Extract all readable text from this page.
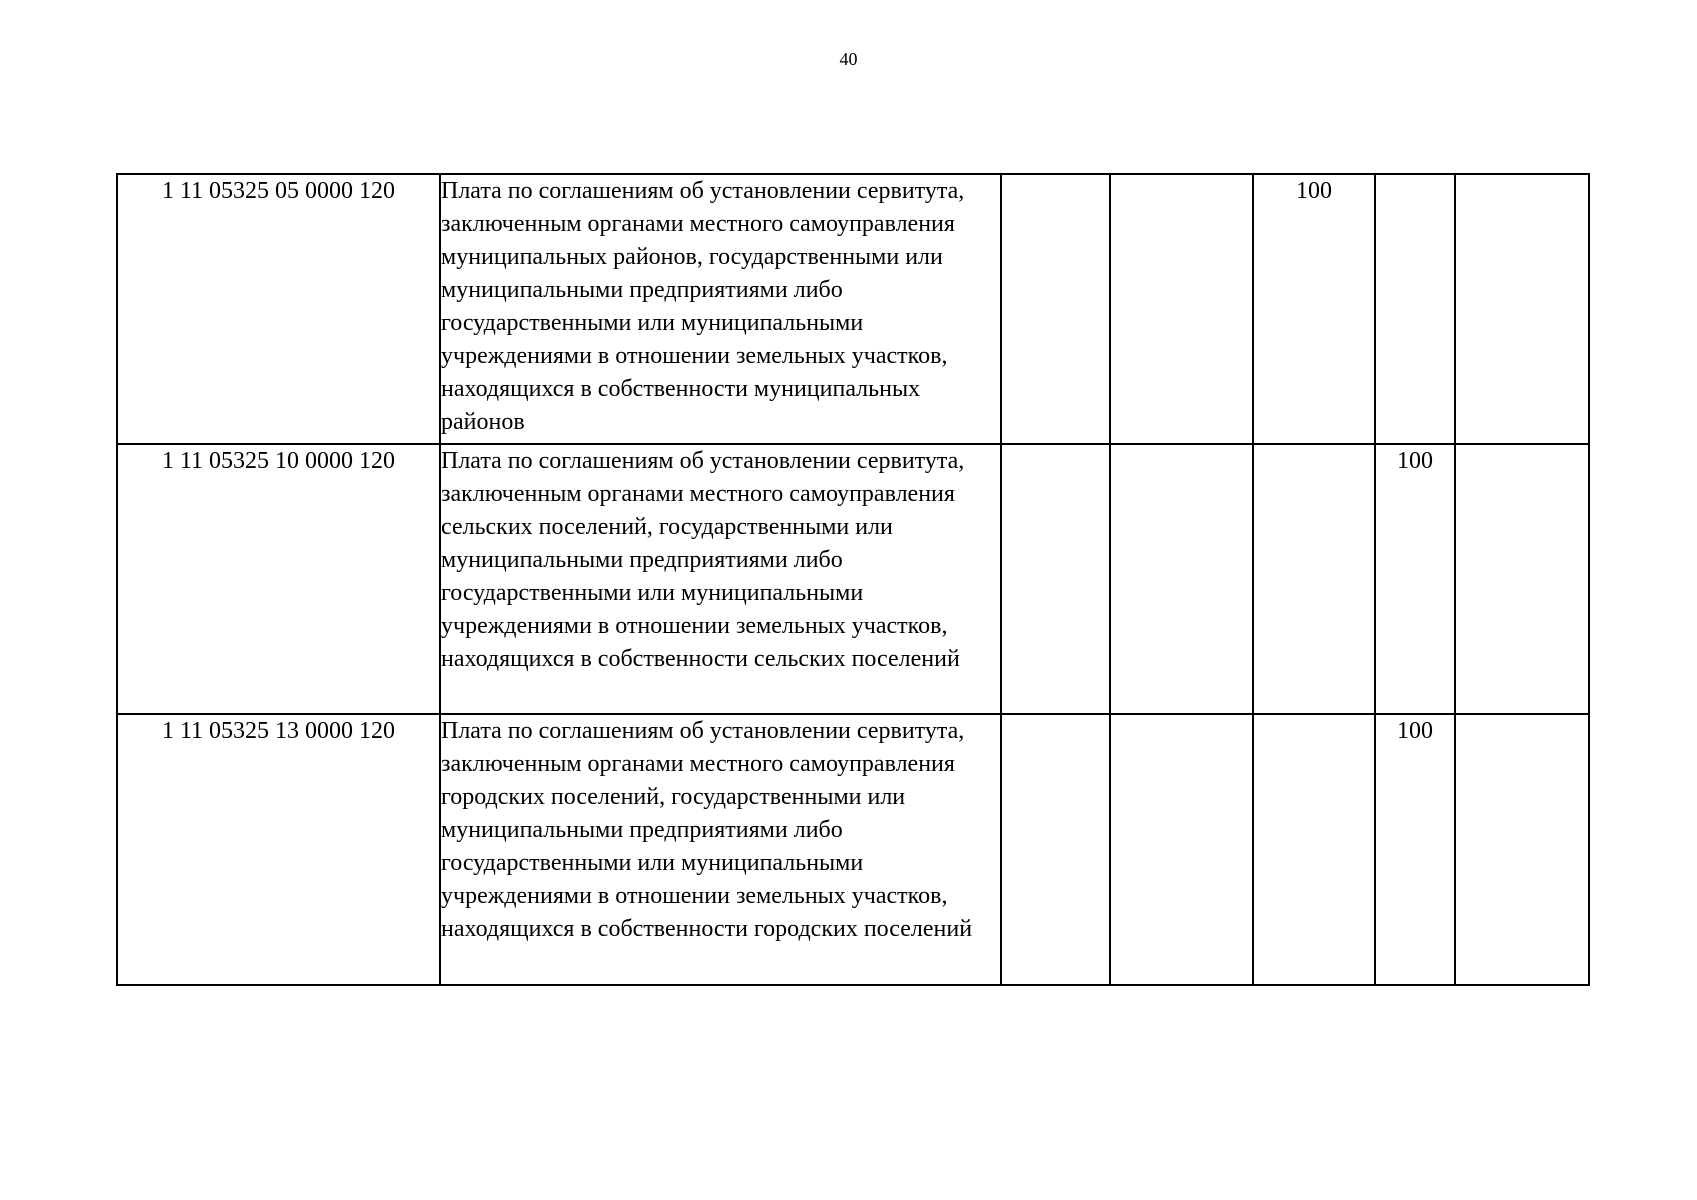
40
1 11 05325 05 0000 120	Плата по соглашениям об установлении сервитута, заключенным органами местного самоуправления муниципальных районов, государственными или муниципальными предприятиями либо государственными или муниципальными учреждениями в отношении земельных участков, находящихся в собственности муниципальных районов			100		
1 11 05325 10 0000 120	Плата по соглашениям об установлении сервитута, заключенным органами местного самоуправления сельских поселений, государственными или муниципальными предприятиями либо государственными или муниципальными учреждениями в отношении земельных участков, находящихся в собственности сельских поселений				100	
1 11 05325 13 0000 120	Плата по соглашениям об установлении сервитута, заключенным органами местного самоуправления городских поселений, государственными или муниципальными предприятиями либо государственными или муниципальными учреждениями в отношении земельных участков, находящихся в собственности городских поселений				100	
